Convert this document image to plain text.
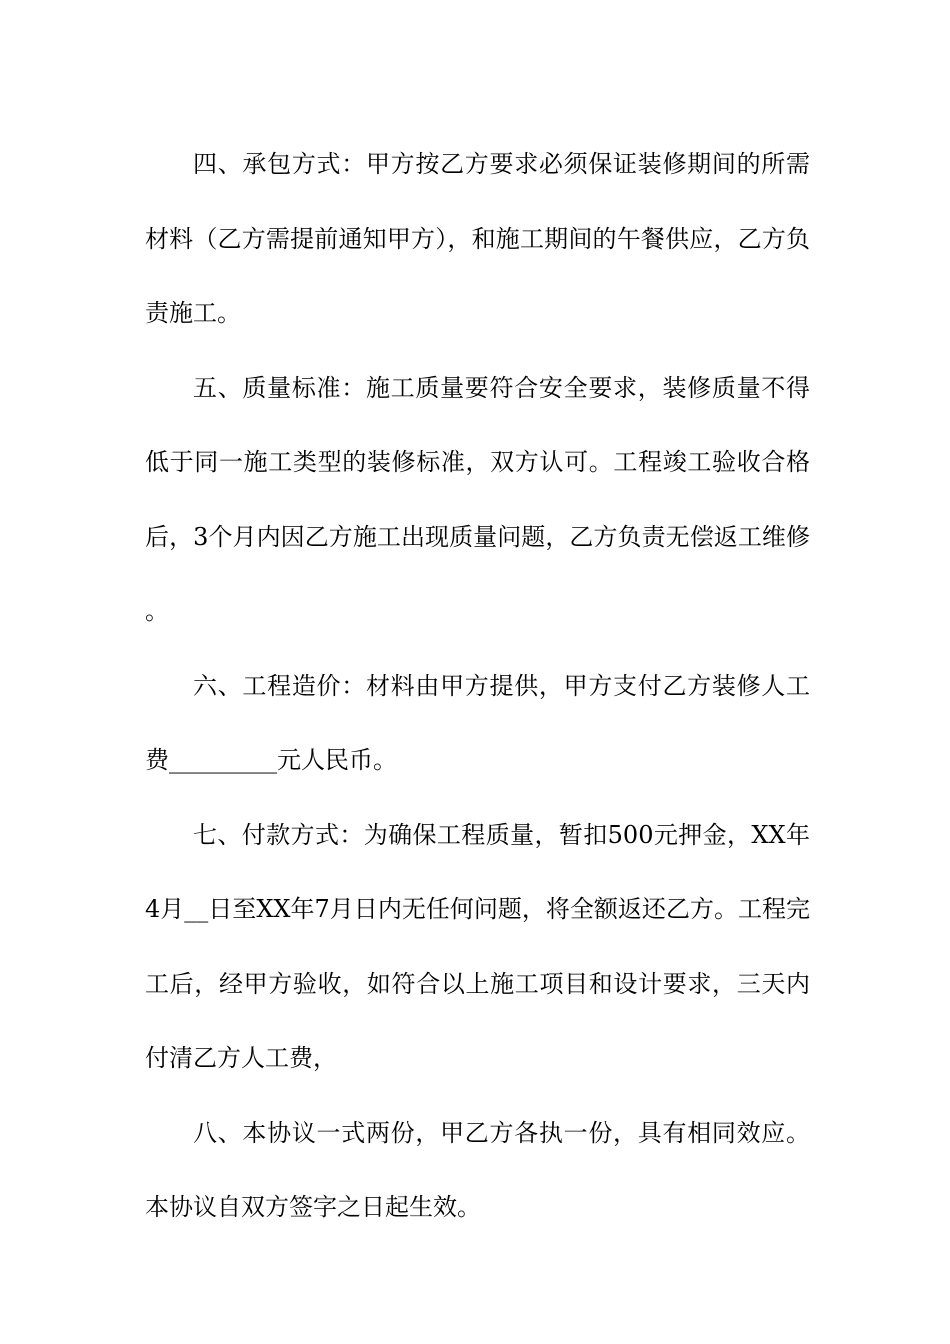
四、承包方式：甲方按乙方要求必须保证装修期间的所需材料（乙方需提前通知甲方），和施工期间的午餐供应，乙方负责施工。

五、质量标准：施工质量要符合安全要求，装修质量不得低于同一施工类型的装修标准，双方认可。工程竣工验收合格后，3个月内因乙方施工出现质量问题，乙方负责无偿返工维修。

六、工程造价：材料由甲方提供，甲方支付乙方装修人工费_________元人民币。

七、付款方式：为确保工程质量，暂扣500元押金，XX年4月__日至XX年7月日内无任何问题，将全额返还乙方。工程完工后，经甲方验收，如符合以上施工项目和设计要求，三天内付清乙方人工费，

八、本协议一式两份，甲乙方各执一份，具有相同效应。本协议自双方签字之日起生效。
